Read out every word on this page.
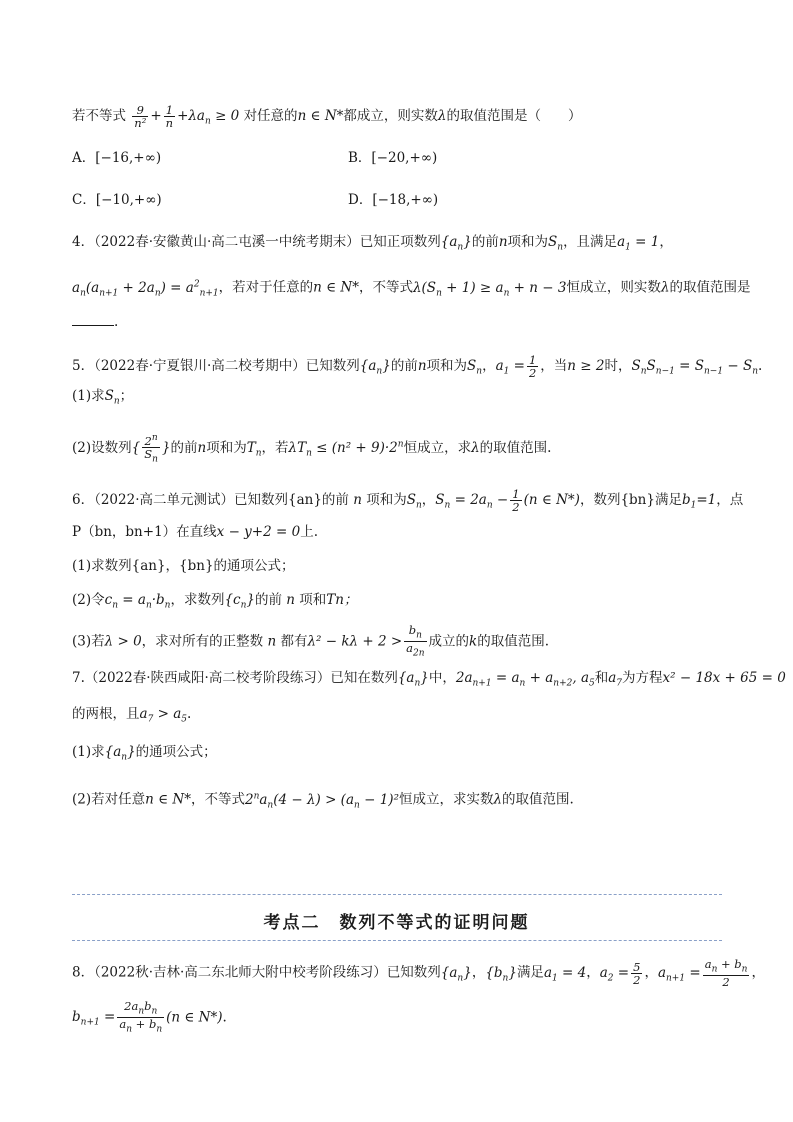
若不等式 $\frac{9}{\text{n²}} + \frac{1}{n} +\lambda a_n \ge 0$ 对任意的n ∈ N*都成立，则实数λ的取值范围是（　　）
A．[−16,+∞)	B．[−20,+∞)
C．[−10,+∞)	D．[−18,+∞)
4．（2022春·安徽黄山·高二屯溪一中统考期末）已知正项数列$\{a_n\}$的前n项和为$S_n$，且满足$a_1 = 1$，
$a_n(a_{n+1} + 2a_n) = a^2_{n+1}$，若对于任意的n ∈ N*，不等式$\lambda(S_n + 1) \ge a_n + n - 3$恒成立，则实数λ的取值范围是
.
5．（2022春·宁夏银川·高二校考期中）已知数列$\{a_n\}$的前n项和为$S_n$，$a_1 = \frac{1}{2}$ ，当n ≥ 2时，$S_nS_{n-1} = S_{n-1} - S_n$.
(1)求$S_n$；
(2)设数列{ $\frac{2^n}{S_n}$ }的前n项和为$T_n$，若$\lambda T_n \le (n^2 + 9)\cdot 2^n$恒成立，求λ的取值范围.
6．（2022·高二单元测试）已知数列{an}的前 n 项和为$S_n$，$S_n = 2a_n - \frac{1}{2} (n$ ∈ N*)，数列{bn}满足$b_1=1$，点
P（bn，bn+1）在直线x − y+2 = 0上.
(1)求数列{an}，{bn}的通项公式；
(2)令$c_n = a_n\cdot b_n$，求数列$\{c_n\}$的前 n 项和Tn；
(3)若λ > 0，求对所有的正整数 n 都有$\lambda^2 - k\lambda + 2 > \frac{b_n}{a_{2n}}$ 成立的k的取值范围.
7.（2022春·陕西咸阳·高二校考阶段练习）已知在数列$\{a_n\}$中，$2a_{n+1} = a_n + a_{n+2}$, $a_5$和$a_7$为方程x² − 18x + 65 = 0
的两根，且$a_7 > a_5$.
(1)求$\{a_n\}$的通项公式；
(2)若对任意n ∈ N*，不等式$2^na_n(4 - \lambda) > (a_n - 1)^2$恒成立，求实数λ的取值范围.
考点二　数列不等式的证明问题
8．（2022秋·吉林·高二东北师大附中校考阶段练习）已知数列$\{a_n\}$，$\{b_n\}$满足$a_1 = 4$，$a_2 = \frac{5}{2}$ ，$a_{n+1} = \frac{a_n + b_n}{2}$ ，
$b_{n+1} = \frac{2a_nb_n}{a_n + b_n} (n$ ∈ N*).
